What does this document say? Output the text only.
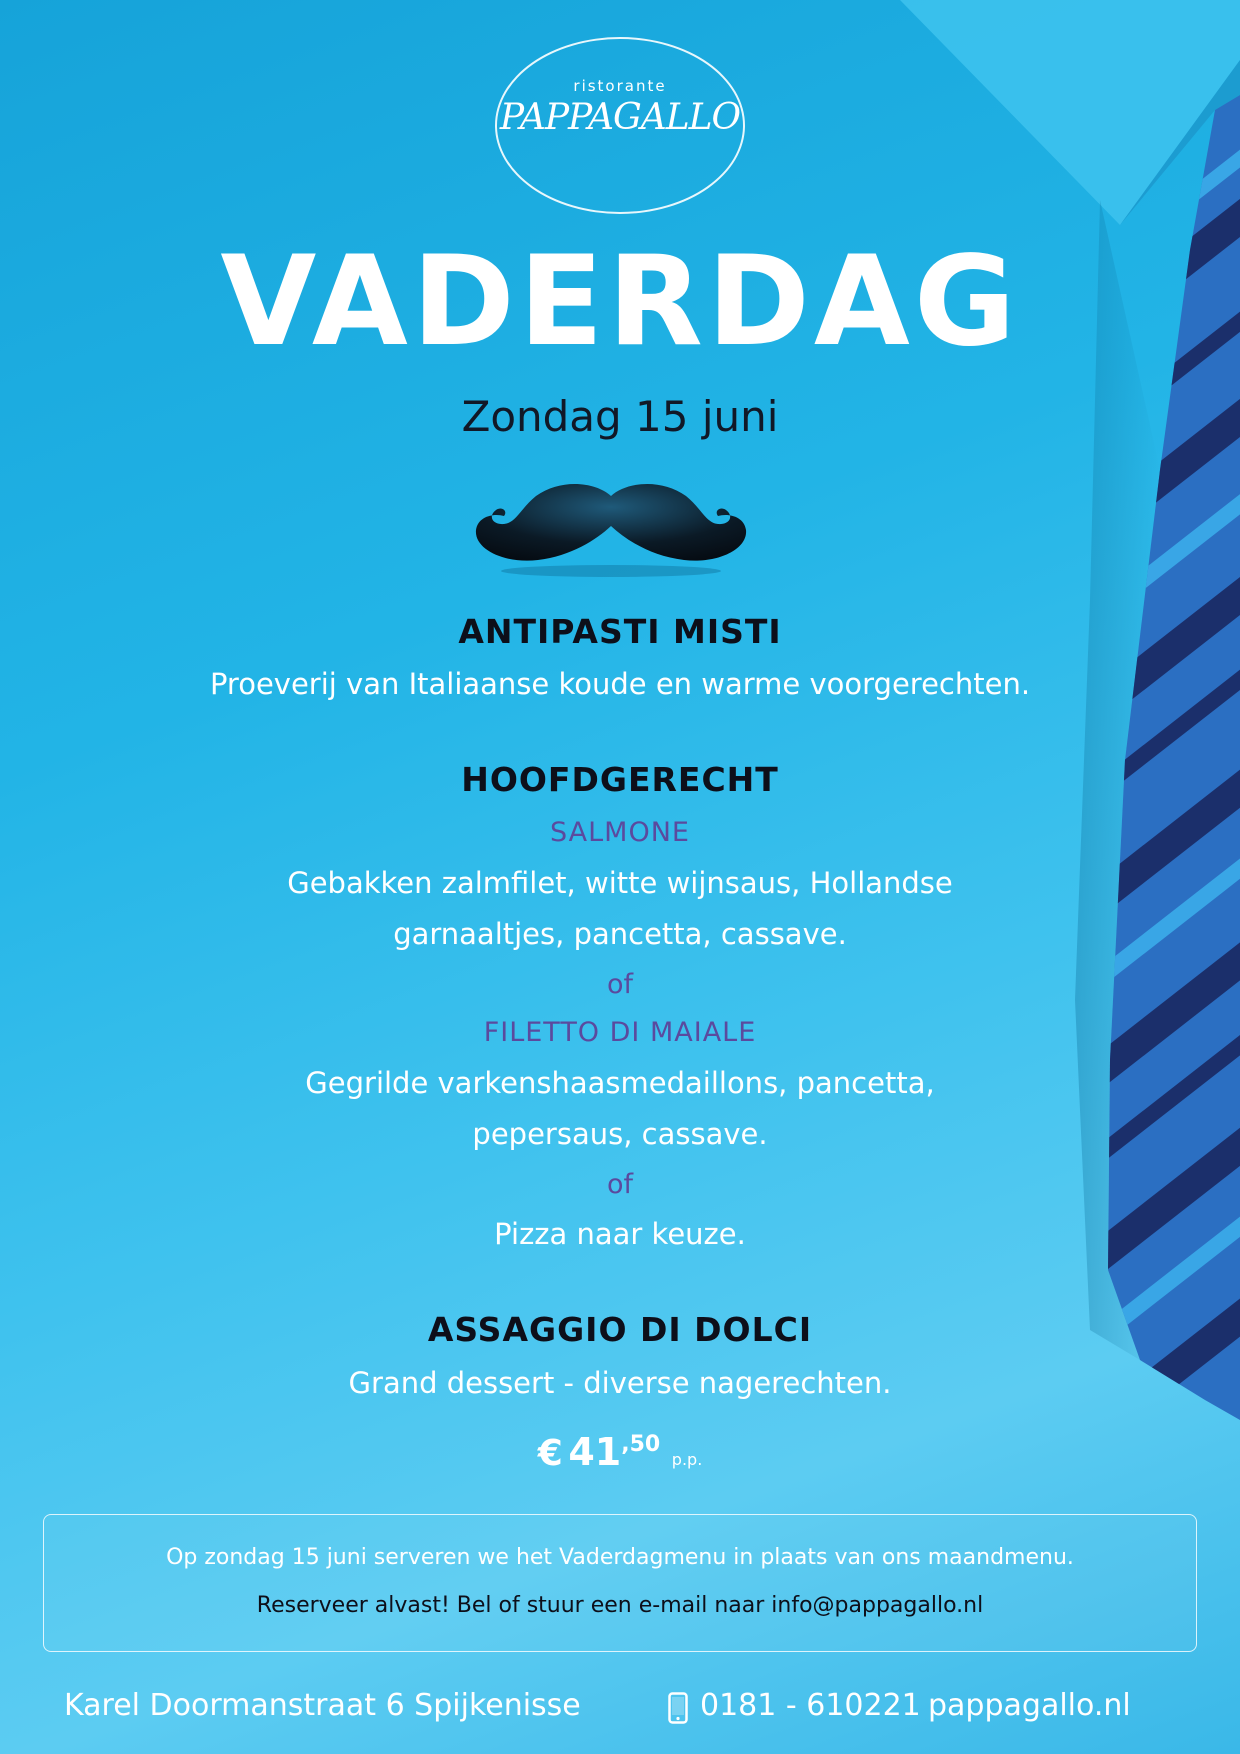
ristorante
PAPPAGALLO
VADERDAG
Zondag 15 juni
ANTIPASTI MISTI
Proeverij van Italiaanse koude en warme voorgerechten.
HOOFDGERECHT
SALMONE
Gebakken zalmfilet, witte wijnsaus, Hollandse
garnaaltjes, pancetta, cassave.
of
FILETTO DI MAIALE
Gegrilde varkenshaasmedaillons, pancetta,
pepersaus, cassave.
of
Pizza naar keuze.
ASSAGGIO DI DOLCI
Grand dessert - diverse nagerechten.
€ 41,50 p.p.
Op zondag 15 juni serveren we het Vaderdagmenu in plaats van ons maandmenu.
Reserveer alvast! Bel of stuur een e-mail naar info@pappagallo.nl
Karel Doormanstraat 6 Spijkenisse	0181 - 610221 pappagallo.nl
